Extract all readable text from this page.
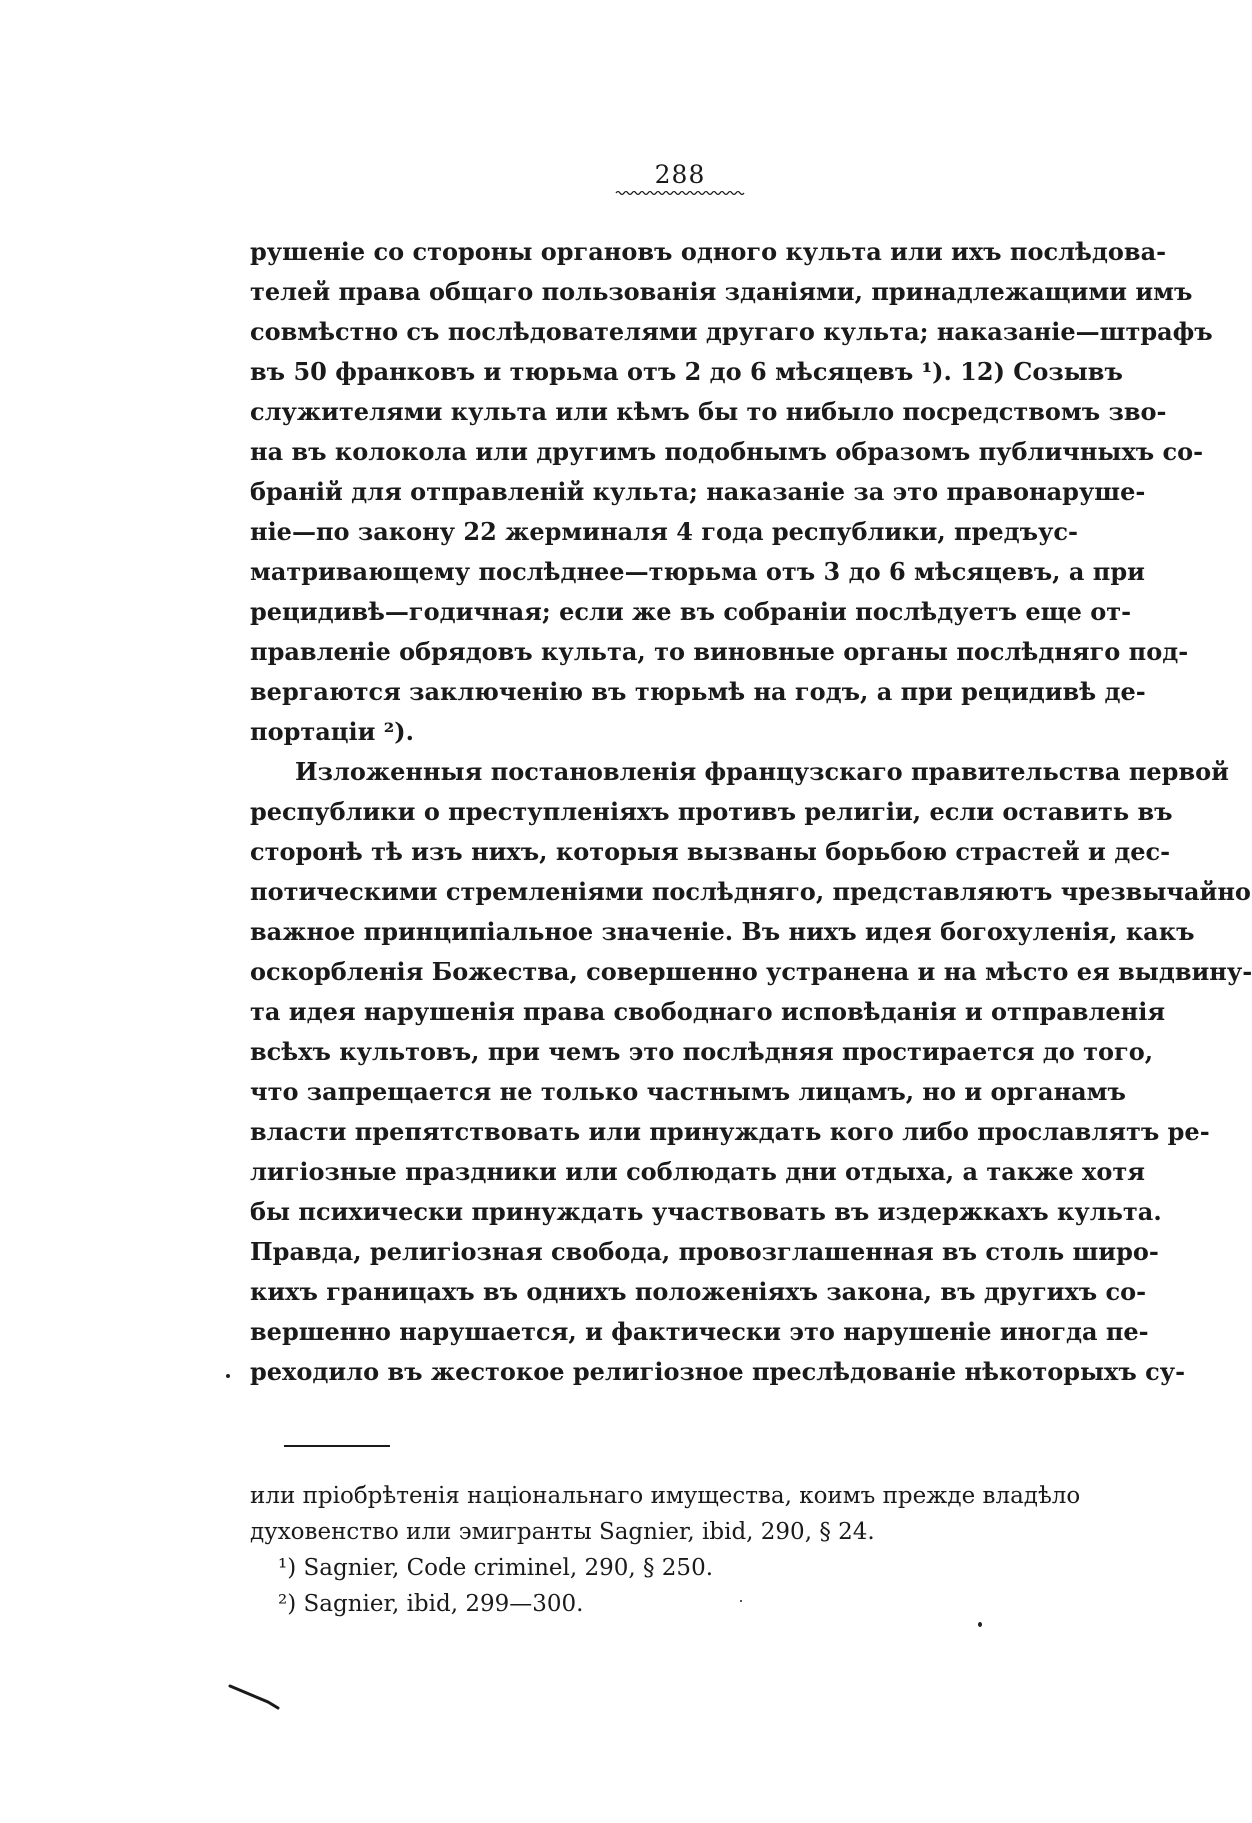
288
рушеніе со стороны органовъ одного культа или ихъ послѣдова-
телей права общаго пользованія зданіями, принадлежащими имъ
совмѣстно съ послѣдователями другаго культа; наказаніе—штрафъ
въ 50 франковъ и тюрьма отъ 2 до 6 мѣсяцевъ ¹). 12) Созывъ
служителями культа или кѣмъ бы то нибыло посредствомъ зво-
на въ колокола или другимъ подобнымъ образомъ публичныхъ со-
браній для отправленій культа; наказаніе за это правонаруше-
ніе—по закону 22 жерминаля 4 года республики, предъус-
матривающему послѣднее—тюрьма отъ 3 до 6 мѣсяцевъ, а при
рецидивѣ—годичная; если же въ собраніи послѣдуетъ еще от-
правленіе обрядовъ культа, то виновные органы послѣдняго под-
вергаются заключенію въ тюрьмѣ на годъ, а при рецидивѣ де-
портаціи ²).
Изложенныя постановленія французскаго правительства первой
республики о преступленіяхъ противъ религіи, если оставить въ
сторонѣ тѣ изъ нихъ, которыя вызваны борьбою страстей и дес-
потическими стремленіями послѣдняго, представляютъ чрезвычайно
важное принципіальное значеніе. Въ нихъ идея богохуленія, какъ
оскорбленія Божества, совершенно устранена и на мѣсто ея выдвину-
та идея нарушенія права свободнаго исповѣданія и отправленія
всѣхъ культовъ, при чемъ это послѣдняя простирается до того,
что запрещается не только частнымъ лицамъ, но и органамъ
власти препятствовать или принуждать кого либо прославлятъ ре-
лигіозные праздники или соблюдать дни отдыха, а также хотя
бы психически принуждать участвовать въ издержкахъ культа.
Правда, религіозная свобода, провозглашенная въ столь широ-
кихъ границахъ въ однихъ положеніяхъ закона, въ другихъ со-
вершенно нарушается, и фактически это нарушеніе иногда пе-
реходило въ жестокое религіозное преслѣдованіе нѣкоторыхъ су-
или пріобрѣтенія національнаго имущества, коимъ прежде владѣло
духовенство или эмигранты Sagnier, ibid, 290, § 24.
¹) Sagnier, Code criminel, 290, § 250.
²) Sagnier, ibid, 299—300.
